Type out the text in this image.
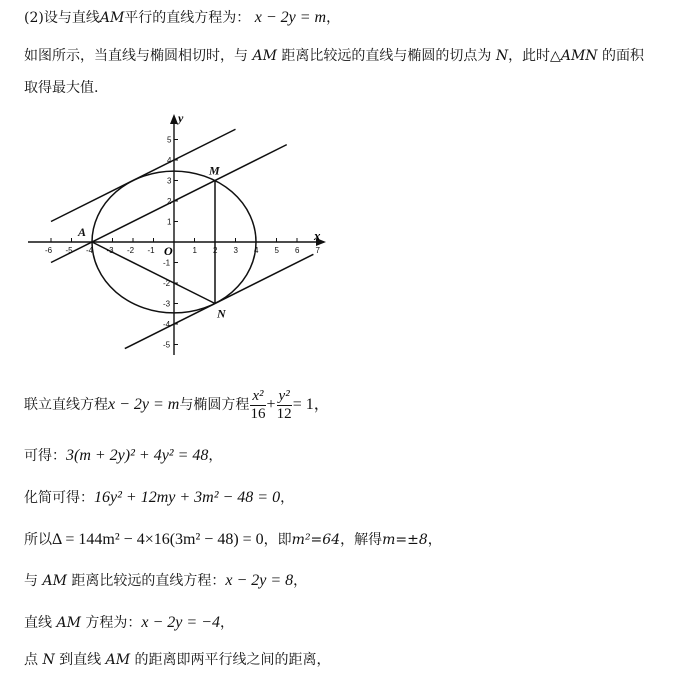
(2)设与直线AM平行的直线方程为： x − 2y = m，
如图所示，当直线与椭圆相切时，与 AM 距离比较远的直线与椭圆的切点为 N，此时△AMN 的面积
取得最大值.
-6 -5 -4 -3 -2 -1	1 2 3 4 5 6 7
5
4
3
2
1
-1
-2
-3
-4
-5
A
M
N
x
y
O
联立直线方程x − 2y = m与椭圆方程 $\frac{\text{x²}}{16} + \frac{\text{y²}}{12} = 1$，
可得：3(m + 2y)² + 4y² = 48，
化简可得：16y² + 12my + 3m² − 48 = 0，
所以Δ = 144m² − 4×16(3m² − 48) = 0，即m²=64，解得m=±8，
与 AM 距离比较远的直线方程：x − 2y = 8，
直线 AM 方程为：x − 2y = −4，
点 N 到直线 AM 的距离即两平行线之间的距离，
